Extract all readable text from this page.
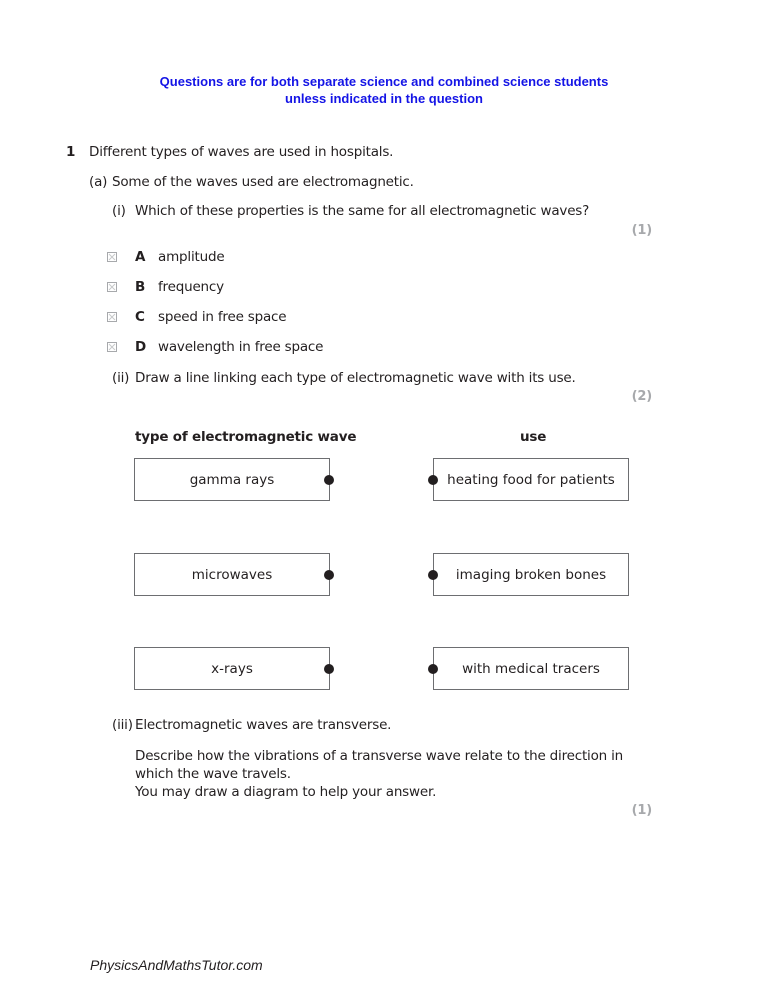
Questions are for both separate science and combined science students
unless indicated in the question
1 Different types of waves are used in hospitals.
(a) Some of the waves used are electromagnetic.
(i) Which of these properties is the same for all electromagnetic waves?
(1)
A amplitude
B frequency
C speed in free space
D wavelength in free space
(ii) Draw a line linking each type of electromagnetic wave with its use.
(2)
type of electromagnetic wave	use
gamma rays
microwaves
x-rays
heating food for patients
imaging broken bones
with medical tracers
(iii) Electromagnetic waves are transverse.
Describe how the vibrations of a transverse wave relate to the direction in
which the wave travels.
You may draw a diagram to help your answer.
(1)
PhysicsAndMathsTutor.com
